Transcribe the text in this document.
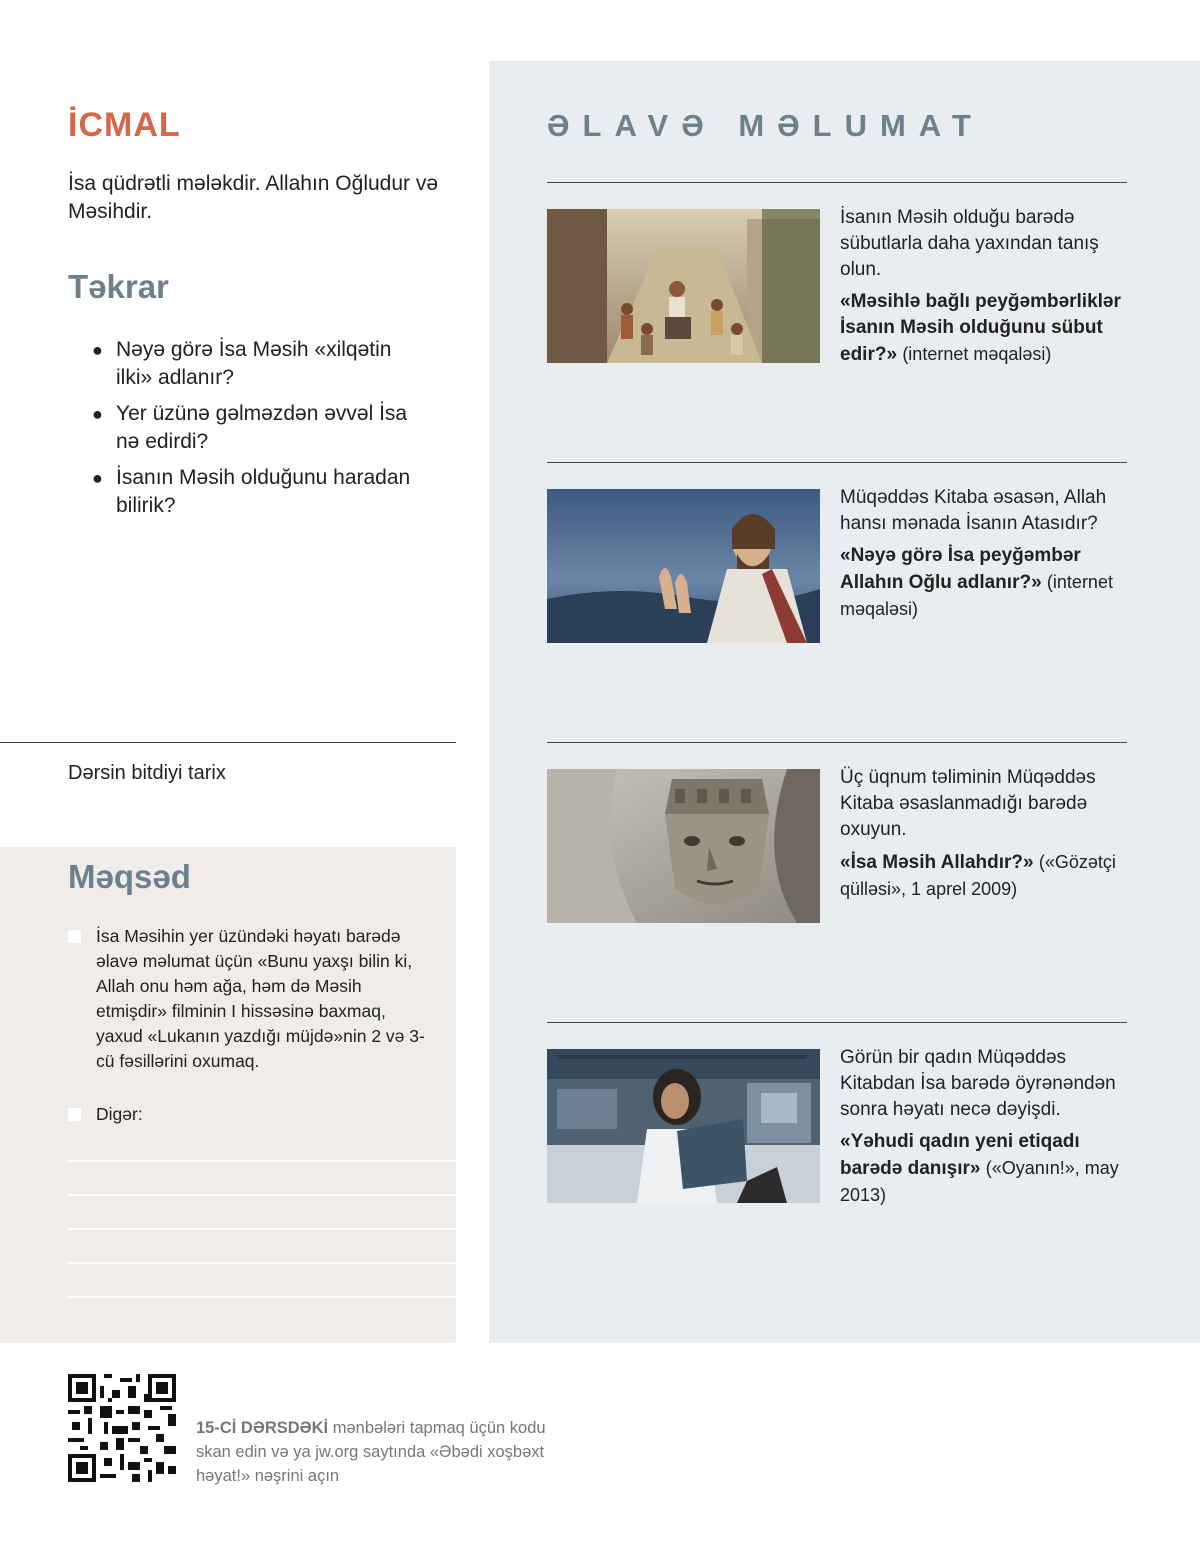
İCMAL

İsa qüdrətli mələkdir. Allahın Oğludur və Məsihdir.

Təkrar
● Nəyə görə İsa Məsih «xilqətin ilki» adlanır?
● Yer üzünə gəlməzdən əvvəl İsa nə edirdi?
● İsanın Məsih olduğunu haradan bilirik?
Dərsin bitdiyi tarix
Məqsəd
İsa Məsihin yer üzündəki həyatı barədə əlavə məlumat üçün «Bunu yaxşı bilin ki, Allah onu həm ağa, həm də Məsih etmişdir» filminin I hissəsinə baxmaq, yaxud «Lukanın yazdığı müjdə»nin 2 və 3-cü fəsillərini oxumaq.
Digər:
ƏLAVƏ MƏLUMAT

İsanın Məsih olduğu barədə sübutlarla daha yaxından tanış olun.

«Məsihlə bağlı peyğəmbərliklər İsanın Məsih olduğunu sübut edir?» (internet məqaləsi)

Müqəddəs Kitaba əsasən, Allah hansı mənada İsanın Atasıdır?

«Nəyə görə İsa peyğəmbər Allahın Oğlu adlanır?» (internet məqaləsi)

Üç üqnum təliminin Müqəddəs Kitaba əsaslanmadığı barədə oxuyun.

«İsa Məsih Allahdır?» («Gözətçi qülləsi», 1 aprel 2009)

Görün bir qadın Müqəddəs Kitabdan İsa barədə öyrənəndən sonra həyatı necə dəyişdi.

«Yəhudi qadın yeni etiqadı barədə danışır» («Oyanın!», may 2013)

15-Cİ DƏRSDƏKİ mənbələri tapmaq üçün kodu skan edin və ya jw.org saytında «Əbədi xoşbəxt həyat!» nəşrini açın
